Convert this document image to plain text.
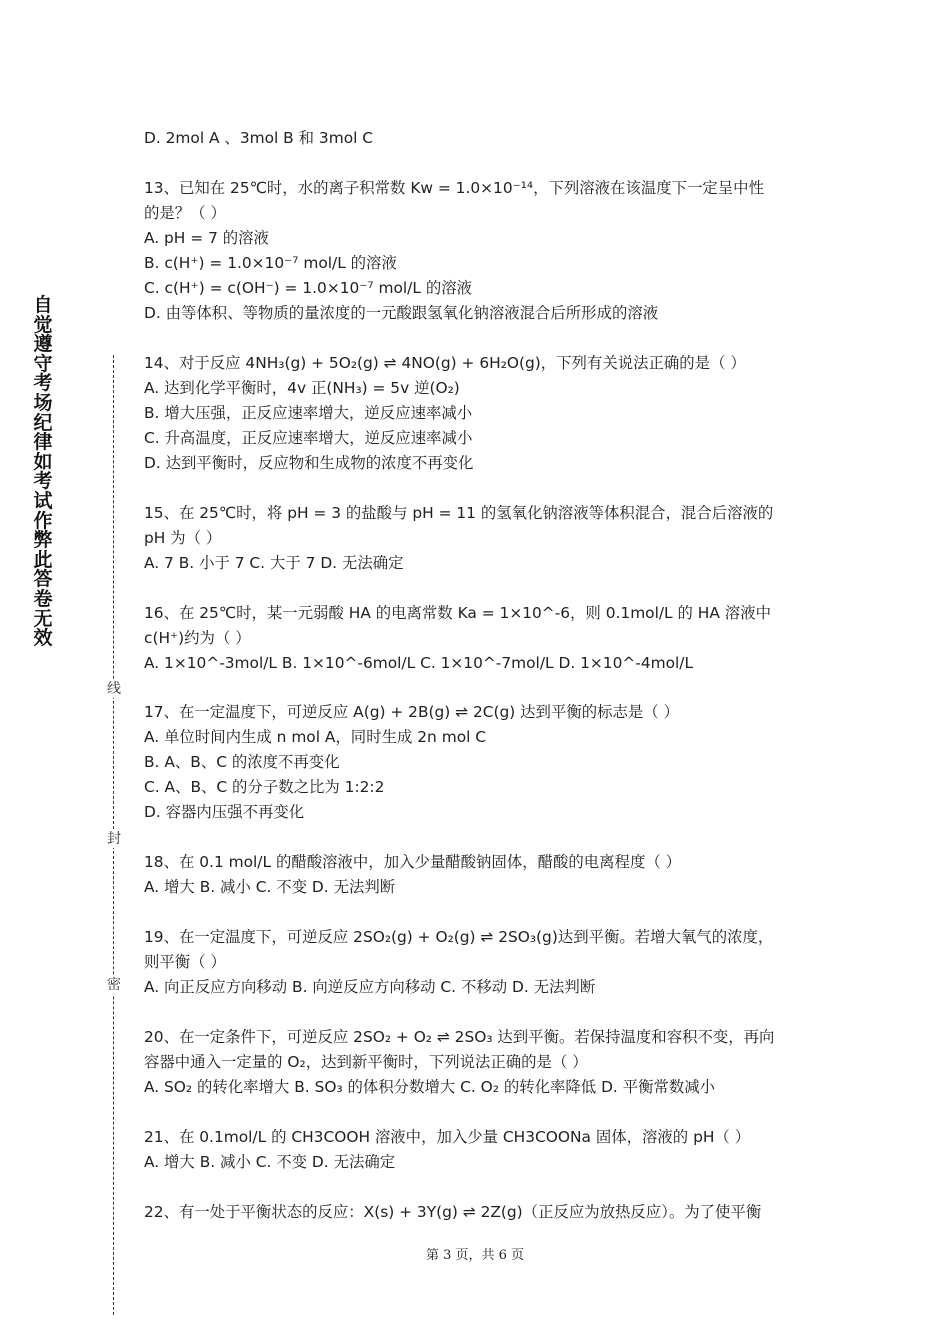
自觉遵守考场纪律如考试作弊此答卷无效
线
封
密
D. 2mol A 、3mol B 和 3mol C
13、已知在 25℃时，水的离子积常数 Kw = 1.0×10⁻¹⁴，下列溶液在该温度下一定呈中性
的是？（ ）
A. pH = 7 的溶液
B. c(H⁺) = 1.0×10⁻⁷ mol/L 的溶液
C. c(H⁺) = c(OH⁻) = 1.0×10⁻⁷ mol/L 的溶液
D. 由等体积、等物质的量浓度的一元酸跟氢氧化钠溶液混合后所形成的溶液
14、对于反应 4NH₃(g) + 5O₂(g) ⇌ 4NO(g) + 6H₂O(g)，下列有关说法正确的是（ ）
A. 达到化学平衡时，4v 正(NH₃) = 5v 逆(O₂)
B. 增大压强，正反应速率增大，逆反应速率减小
C. 升高温度，正反应速率增大，逆反应速率减小
D. 达到平衡时，反应物和生成物的浓度不再变化
15、在 25℃时，将 pH = 3 的盐酸与 pH = 11 的氢氧化钠溶液等体积混合，混合后溶液的
pH 为（ ）
A. 7 B. 小于 7 C. 大于 7 D. 无法确定
16、在 25℃时，某一元弱酸 HA 的电离常数 Ka = 1×10^-6，则 0.1mol/L 的 HA 溶液中
c(H⁺)约为（ ）
A. 1×10^-3mol/L B. 1×10^-6mol/L C. 1×10^-7mol/L D. 1×10^-4mol/L
17、在一定温度下，可逆反应 A(g) + 2B(g) ⇌ 2C(g) 达到平衡的标志是（ ）
A. 单位时间内生成 n mol A，同时生成 2n mol C
B. A、B、C 的浓度不再变化
C. A、B、C 的分子数之比为 1:2:2
D. 容器内压强不再变化
18、在 0.1 mol/L 的醋酸溶液中，加入少量醋酸钠固体，醋酸的电离程度（ ）
A. 增大 B. 减小 C. 不变 D. 无法判断
19、在一定温度下，可逆反应 2SO₂(g) + O₂(g) ⇌ 2SO₃(g)达到平衡。若增大氧气的浓度，
则平衡（ ）
A. 向正反应方向移动 B. 向逆反应方向移动 C. 不移动 D. 无法判断
20、在一定条件下，可逆反应 2SO₂ + O₂ ⇌ 2SO₃ 达到平衡。若保持温度和容积不变，再向
容器中通入一定量的 O₂，达到新平衡时，下列说法正确的是（ ）
A. SO₂ 的转化率增大 B. SO₃ 的体积分数增大 C. O₂ 的转化率降低 D. 平衡常数减小
21、在 0.1mol/L 的 CH3COOH 溶液中，加入少量 CH3COONa 固体，溶液的 pH（ ）
A. 增大 B. 减小 C. 不变 D. 无法确定
22、有一处于平衡状态的反应：X(s) + 3Y(g) ⇌ 2Z(g)（正反应为放热反应）。为了使平衡
第 3 页，共 6 页
